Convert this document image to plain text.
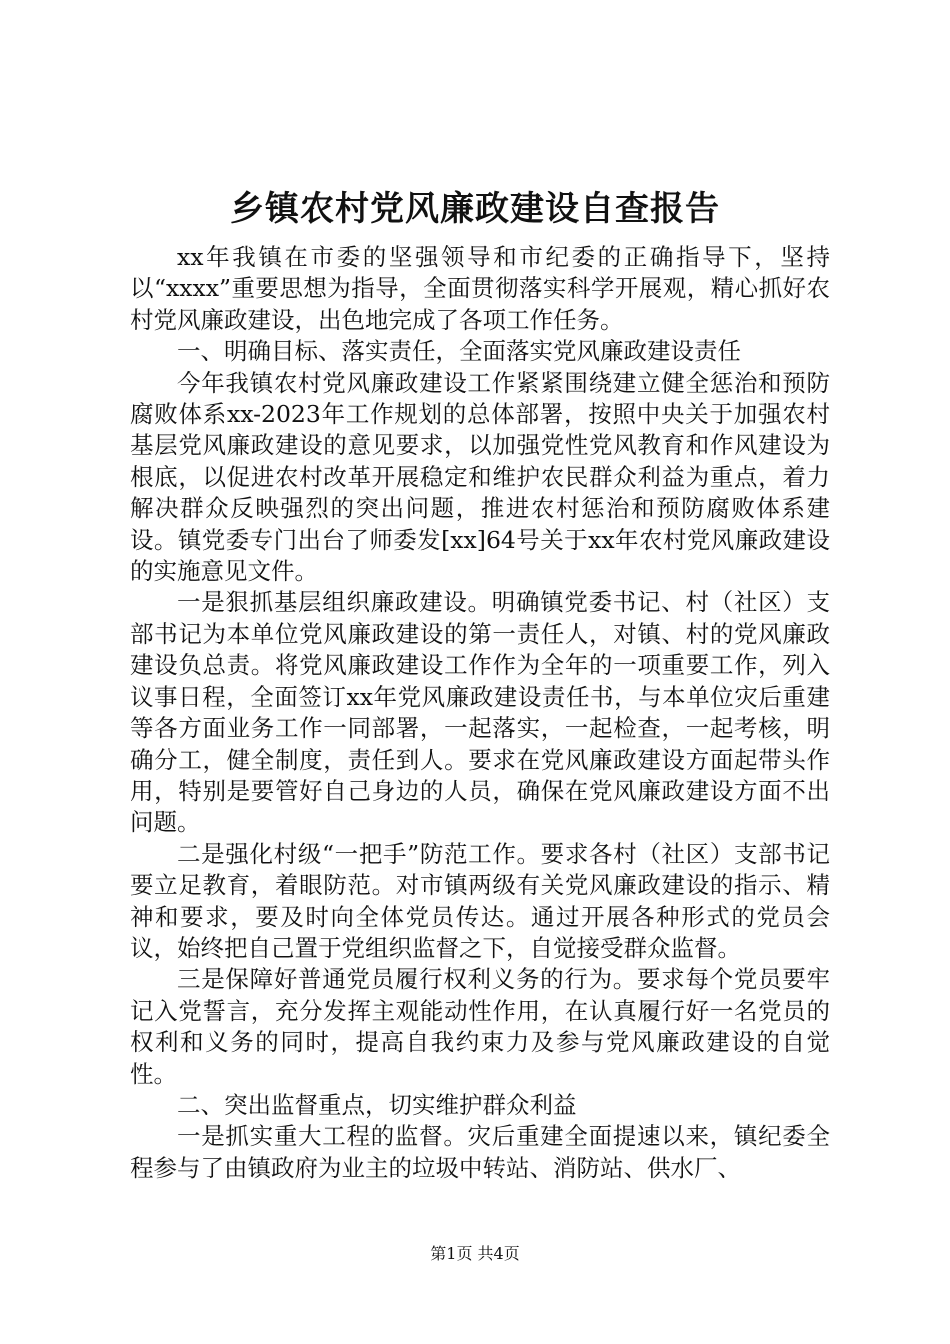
乡镇农村党风廉政建设自查报告

xx年我镇在市委的坚强领导和市纪委的正确指导下，坚持以“xxxx”重要思想为指导，全面贯彻落实科学开展观，精心抓好农村党风廉政建设，出色地完成了各项工作任务。

一、明确目标、落实责任，全面落实党风廉政建设责任

今年我镇农村党风廉政建设工作紧紧围绕建立健全惩治和预防腐败体系xx-2023年工作规划的总体部署，按照中央关于加强农村基层党风廉政建设的意见要求，以加强党性党风教育和作风建设为根底，以促进农村改革开展稳定和维护农民群众利益为重点，着力解决群众反映强烈的突出问题，推进农村惩治和预防腐败体系建设。镇党委专门出台了师委发[xx]64号关于xx年农村党风廉政建设的实施意见文件。

一是狠抓基层组织廉政建设。明确镇党委书记、村（社区）支部书记为本单位党风廉政建设的第一责任人，对镇、村的党风廉政建设负总责。将党风廉政建设工作作为全年的一项重要工作，列入议事日程，全面签订xx年党风廉政建设责任书，与本单位灾后重建等各方面业务工作一同部署，一起落实，一起检查，一起考核，明确分工，健全制度，责任到人。要求在党风廉政建设方面起带头作用，特别是要管好自己身边的人员，确保在党风廉政建设方面不出问题。

二是强化村级“一把手”防范工作。要求各村（社区）支部书记要立足教育，着眼防范。对市镇两级有关党风廉政建设的指示、精神和要求，要及时向全体党员传达。通过开展各种形式的党员会议，始终把自己置于党组织监督之下，自觉接受群众监督。

三是保障好普通党员履行权利义务的行为。要求每个党员要牢记入党誓言，充分发挥主观能动性作用，在认真履行好一名党员的权利和义务的同时，提高自我约束力及参与党风廉政建设的自觉性。

二、突出监督重点，切实维护群众利益

一是抓实重大工程的监督。灾后重建全面提速以来，镇纪委全程参与了由镇政府为业主的垃圾中转站、消防站、供水厂、

第1页 共4页
